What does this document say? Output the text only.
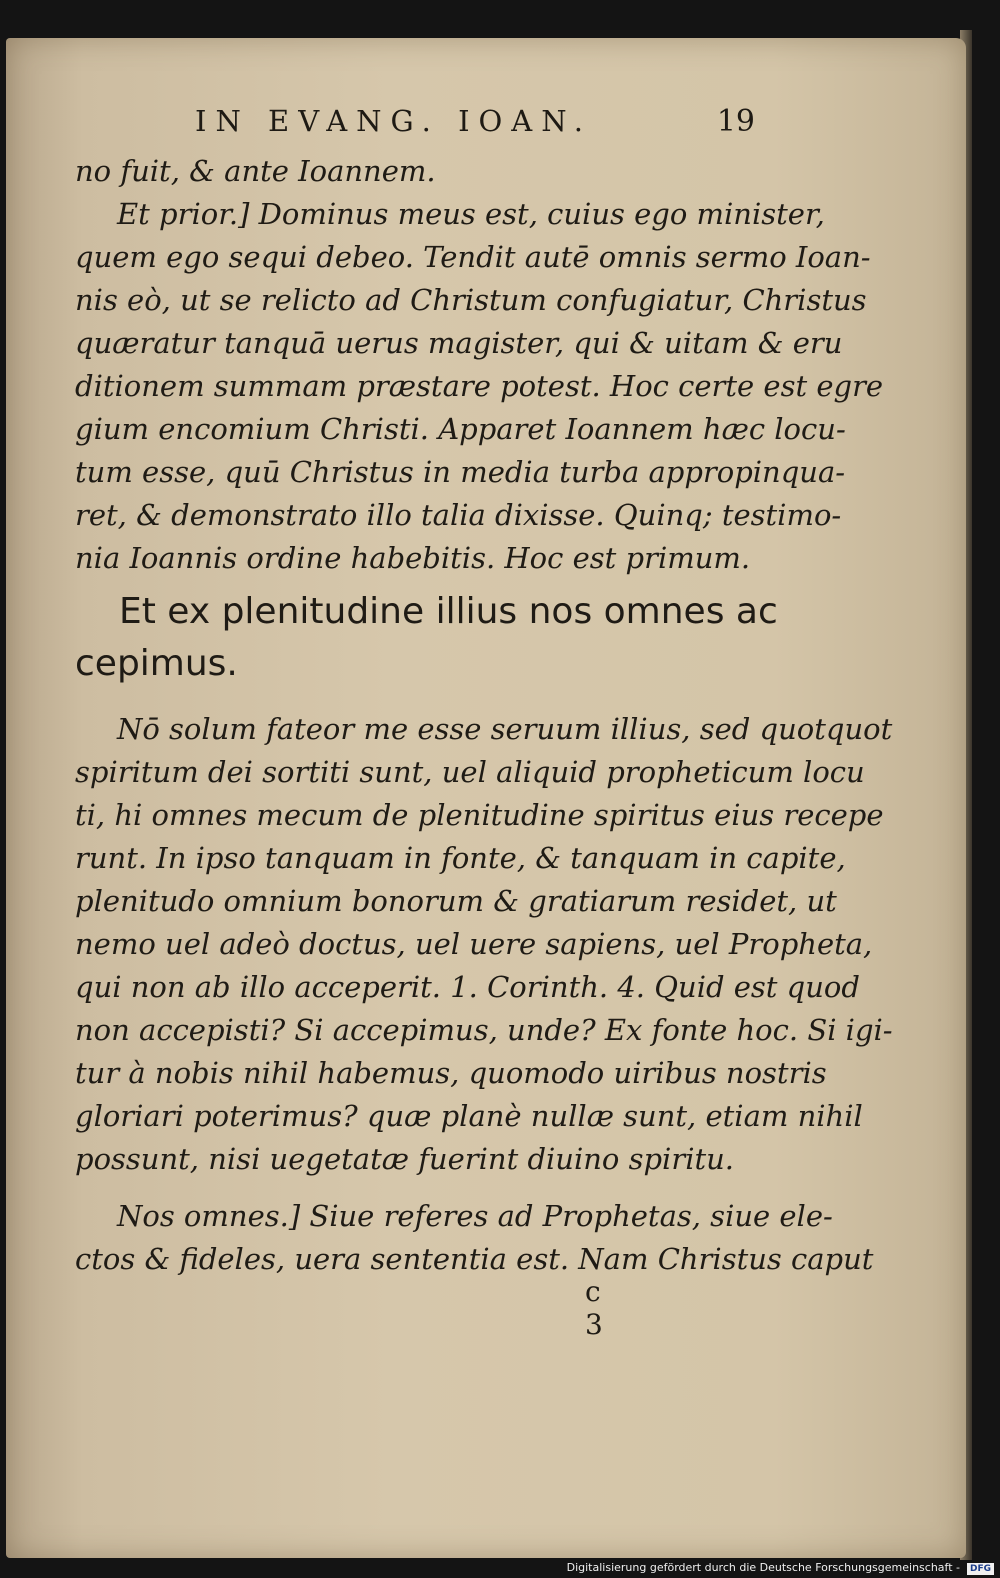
IN EVANG. IOAN.	19
no fuit, & ante Ioannem.
Et prior.] Dominus meus est, cuius ego minister,
quem ego sequi debeo. Tendit autē omnis sermo Ioan-
nis eò, ut se relicto ad Christum confugiatur, Christus
quæratur tanquā uerus magister, qui & uitam & eru
ditionem summam præstare potest. Hoc certe est egre
gium encomium Christi. Apparet Ioannem hæc locu-
tum esse, quū Christus in media turba appropinqua-
ret, & demonstrato illo talia dixisse. Quinq; testimo-
nia Ioannis ordine habebitis. Hoc est primum.
Et ex plenitudine illius nos omnes ac
cepimus.
Nō solum fateor me esse seruum illius, sed quotquot
spiritum dei sortiti sunt, uel aliquid propheticum locu
ti, hi omnes mecum de plenitudine spiritus eius recepe
runt. In ipso tanquam in fonte, & tanquam in capite,
plenitudo omnium bonorum & gratiarum residet, ut
nemo uel adeò doctus, uel uere sapiens, uel Propheta,
qui non ab illo acceperit. 1. Corinth. 4. Quid est quod
non accepisti? Si accepimus, unde? Ex fonte hoc. Si igi-
tur à nobis nihil habemus, quomodo uiribus nostris
gloriari poterimus? quæ planè nullæ sunt, etiam nihil
possunt, nisi uegetatæ fuerint diuino spiritu.
Nos omnes.] Siue referes ad Prophetas, siue ele-
ctos & fideles, uera sententia est. Nam Christus caput
c 3
Digitalisierung gefördert durch die Deutsche Forschungsgemeinschaft -	DFG
